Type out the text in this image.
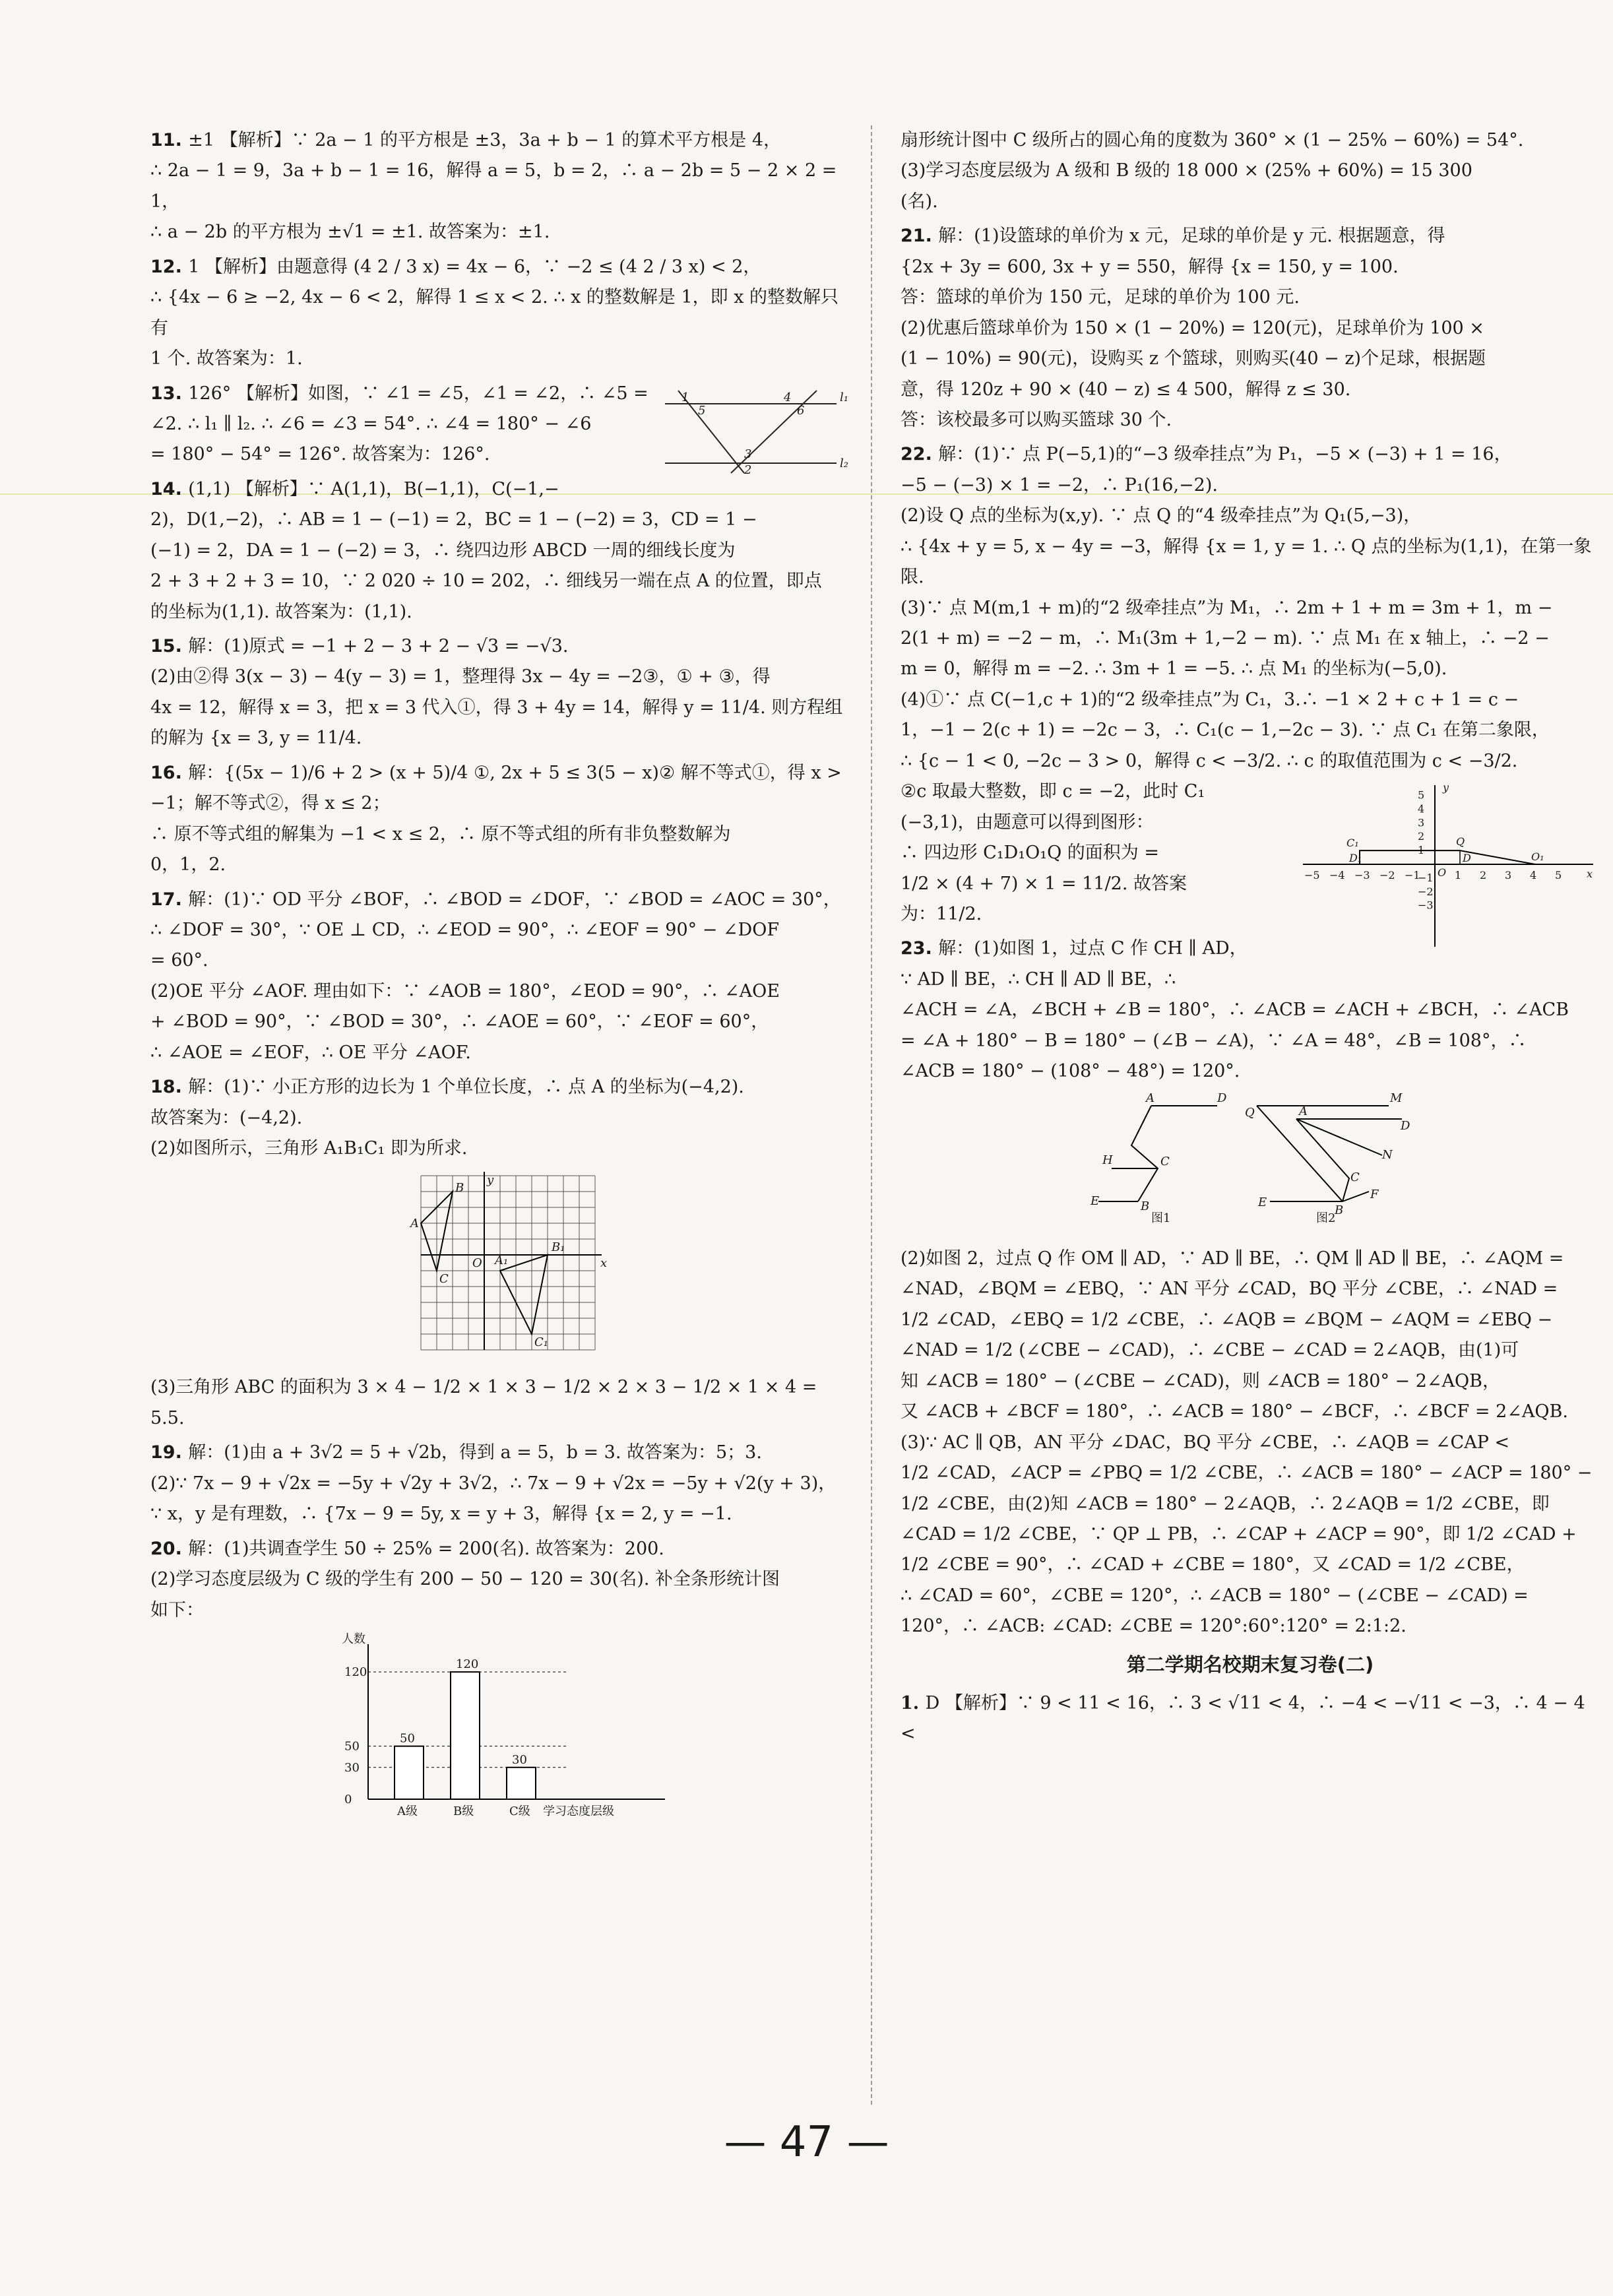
11. ±1 【解析】∵ 2a − 1 的平方根是 ±3，3a + b − 1 的算术平方根是 4，
∴ 2a − 1 = 9，3a + b − 1 = 16，解得 a = 5，b = 2，∴ a − 2b = 5 − 2 × 2 = 1，
∴ a − 2b 的平方根为 ±√1 = ±1. 故答案为：±1.
12. 1 【解析】由题意得 (4 2 / 3 x) = 4x − 6，∵ −2 ≤ (4 2 / 3 x) < 2，
∴ {4x − 6 ≥ −2, 4x − 6 < 2，解得 1 ≤ x < 2. ∴ x 的整数解是 1，即 x 的整数解只有
1 个. 故答案为：1.
1
5
4
6
l₁
3
2	l₂
13. 126° 【解析】如图，∵ ∠1 = ∠5，∠1 = ∠2，∴ ∠5 =
∠2. ∴ l₁ ∥ l₂. ∴ ∠6 = ∠3 = 54°. ∴ ∠4 = 180° − ∠6
= 180° − 54° = 126°. 故答案为：126°.
14. (1,1) 【解析】∵ A(1,1)，B(−1,1)，C(−1,−
2)，D(1,−2)，∴ AB = 1 − (−1) = 2，BC = 1 − (−2) = 3，CD = 1 −
(−1) = 2，DA = 1 − (−2) = 3，∴ 绕四边形 ABCD 一周的细线长度为
2 + 3 + 2 + 3 = 10，∵ 2 020 ÷ 10 = 202，∴ 细线另一端在点 A 的位置，即点
的坐标为(1,1). 故答案为：(1,1).
15. 解：(1)原式 = −1 + 2 − 3 + 2 − √3 = −√3.
(2)由②得 3(x − 3) − 4(y − 3) = 1，整理得 3x − 4y = −2③，① + ③，得
4x = 12，解得 x = 3，把 x = 3 代入①，得 3 + 4y = 14，解得 y = 11/4. 则方程组
的解为 {x = 3, y = 11/4.
16. 解：{(5x − 1)/6 + 2 > (x + 5)/4 ①, 2x + 5 ≤ 3(5 − x)② 解不等式①，得 x > −1；解不等式②，得 x ≤ 2；
∴ 原不等式组的解集为 −1 < x ≤ 2，∴ 原不等式组的所有非负整数解为
0，1，2.
17. 解：(1)∵ OD 平分 ∠BOF，∴ ∠BOD = ∠DOF，∵ ∠BOD = ∠AOC = 30°，
∴ ∠DOF = 30°，∵ OE ⊥ CD，∴ ∠EOD = 90°，∴ ∠EOF = 90° − ∠DOF
= 60°.
(2)OE 平分 ∠AOF. 理由如下：∵ ∠AOB = 180°，∠EOD = 90°，∴ ∠AOE
+ ∠BOD = 90°，∵ ∠BOD = 30°，∴ ∠AOE = 60°，∵ ∠EOF = 60°，
∴ ∠AOE = ∠EOF，∴ OE 平分 ∠AOF.
18. 解：(1)∵ 小正方形的边长为 1 个单位长度，∴ 点 A 的坐标为(−4,2).
故答案为：(−4,2).
(2)如图所示，三角形 A₁B₁C₁ 即为所求.
y
B
A
A₁
O
B₁
x
C
C₁
(3)三角形 ABC 的面积为 3 × 4 − 1/2 × 1 × 3 − 1/2 × 2 × 3 − 1/2 × 1 × 4 =
5.5.
19. 解：(1)由 a + 3√2 = 5 + √2b，得到 a = 5，b = 3. 故答案为：5；3.
(2)∵ 7x − 9 + √2x = −5y + √2y + 3√2，∴ 7x − 9 + √2x = −5y + √2(y + 3)，
∵ x，y 是有理数，∴ {7x − 9 = 5y, x = y + 3，解得 {x = 2, y = −1.
20. 解：(1)共调查学生 50 ÷ 25% = 200(名). 故答案为：200.
(2)学习态度层级为 C 级的学生有 200 − 50 − 120 = 30(名). 补全条形统计图
如下：
人数
0
30
50
120
50
A级
120
B级
30
C级 学习态度层级
扇形统计图中 C 级所占的圆心角的度数为 360° × (1 − 25% − 60%) = 54°.
(3)学习态度层级为 A 级和 B 级的 18 000 × (25% + 60%) = 15 300
(名).
21. 解：(1)设篮球的单价为 x 元，足球的单价是 y 元. 根据题意，得
{2x + 3y = 600, 3x + y = 550，解得 {x = 150, y = 100.
答：篮球的单价为 150 元，足球的单价为 100 元.
(2)优惠后篮球单价为 150 × (1 − 20%) = 120(元)，足球单价为 100 ×
(1 − 10%) = 90(元)，设购买 z 个篮球，则购买(40 − z)个足球，根据题
意，得 120z + 90 × (40 − z) ≤ 4 500，解得 z ≤ 30.
答：该校最多可以购买篮球 30 个.
22. 解：(1)∵ 点 P(−5,1)的“−3 级牵挂点”为 P₁，−5 × (−3) + 1 = 16，
−5 − (−3) × 1 = −2，∴ P₁(16,−2).
(2)设 Q 点的坐标为(x,y). ∵ 点 Q 的“4 级牵挂点”为 Q₁(5,−3)，
∴ {4x + y = 5, x − 4y = −3，解得 {x = 1, y = 1. ∴ Q 点的坐标为(1,1)，在第一象限.
(3)∵ 点 M(m,1 + m)的“2 级牵挂点”为 M₁，∴ 2m + 1 + m = 3m + 1，m −
2(1 + m) = −2 − m，∴ M₁(3m + 1,−2 − m). ∵ 点 M₁ 在 x 轴上，∴ −2 −
m = 0，解得 m = −2. ∴ 3m + 1 = −5. ∴ 点 M₁ 的坐标为(−5,0).
(4)①∵ 点 C(−1,c + 1)的“2 级牵挂点”为 C₁，3.∴ −1 × 2 + c + 1 = c −
1，−1 − 2(c + 1) = −2c − 3，∴ C₁(c − 1,−2c − 3). ∵ 点 C₁ 在第二象限，
∴ {c − 1 < 0, −2c − 3 > 0，解得 c < −3/2. ∴ c 的取值范围为 c < −3/2.
−5 −4 −3 −2 −1	1 2 3 4 5
5
4
3
2
1
−1
−2
−3
y
C₁
D₁
Q
D	O₁
O	x
②c 取最大整数，即 c = −2，此时 C₁
(−3,1)，由题意可以得到图形：
∴ 四边形 C₁D₁O₁Q 的面积为 =
1/2 × (4 + 7) × 1 = 11/2. 故答案
为：11/2.
23. 解：(1)如图 1，过点 C 作 CH ∥ AD，
∵ AD ∥ BE，∴ CH ∥ AD ∥ BE，∴
∠ACH = ∠A，∠BCH + ∠B = 180°，∴ ∠ACB = ∠ACH + ∠BCH，∴ ∠ACB
= ∠A + 180° − B = 180° − (∠B − ∠A)，∵ ∠A = 48°，∠B = 108°，∴
∠ACB = 180° − (108° − 48°) = 120°.
A	D
H	C
E	B
图1
Q	A
M
D
N
C
E
B
F
图2
(2)如图 2，过点 Q 作 OM ∥ AD，∵ AD ∥ BE，∴ QM ∥ AD ∥ BE，∴ ∠AQM =
∠NAD，∠BQM = ∠EBQ，∵ AN 平分 ∠CAD，BQ 平分 ∠CBE，∴ ∠NAD =
1/2 ∠CAD，∠EBQ = 1/2 ∠CBE，∴ ∠AQB = ∠BQM − ∠AQM = ∠EBQ −
∠NAD = 1/2 (∠CBE − ∠CAD)，∴ ∠CBE − ∠CAD = 2∠AQB，由(1)可
知 ∠ACB = 180° − (∠CBE − ∠CAD)，则 ∠ACB = 180° − 2∠AQB，
又 ∠ACB + ∠BCF = 180°，∴ ∠ACB = 180° − ∠BCF，∴ ∠BCF = 2∠AQB.
(3)∵ AC ∥ QB，AN 平分 ∠DAC，BQ 平分 ∠CBE，∴ ∠AQB = ∠CAP <
1/2 ∠CAD，∠ACP = ∠PBQ = 1/2 ∠CBE，∴ ∠ACB = 180° − ∠ACP = 180° −
1/2 ∠CBE，由(2)知 ∠ACB = 180° − 2∠AQB，∴ 2∠AQB = 1/2 ∠CBE，即
∠CAD = 1/2 ∠CBE，∵ QP ⊥ PB，∴ ∠CAP + ∠ACP = 90°，即 1/2 ∠CAD +
1/2 ∠CBE = 90°，∴ ∠CAD + ∠CBE = 180°，又 ∠CAD = 1/2 ∠CBE，
∴ ∠CAD = 60°，∠CBE = 120°，∴ ∠ACB = 180° − (∠CBE − ∠CAD) =
120°，∴ ∠ACB: ∠CAD: ∠CBE = 120°:60°:120° = 2:1:2.
第二学期名校期末复习卷(二)
1. D 【解析】∵ 9 < 11 < 16，∴ 3 < √11 < 4，∴ −4 < −√11 < −3，∴ 4 − 4 <
— 47 —
